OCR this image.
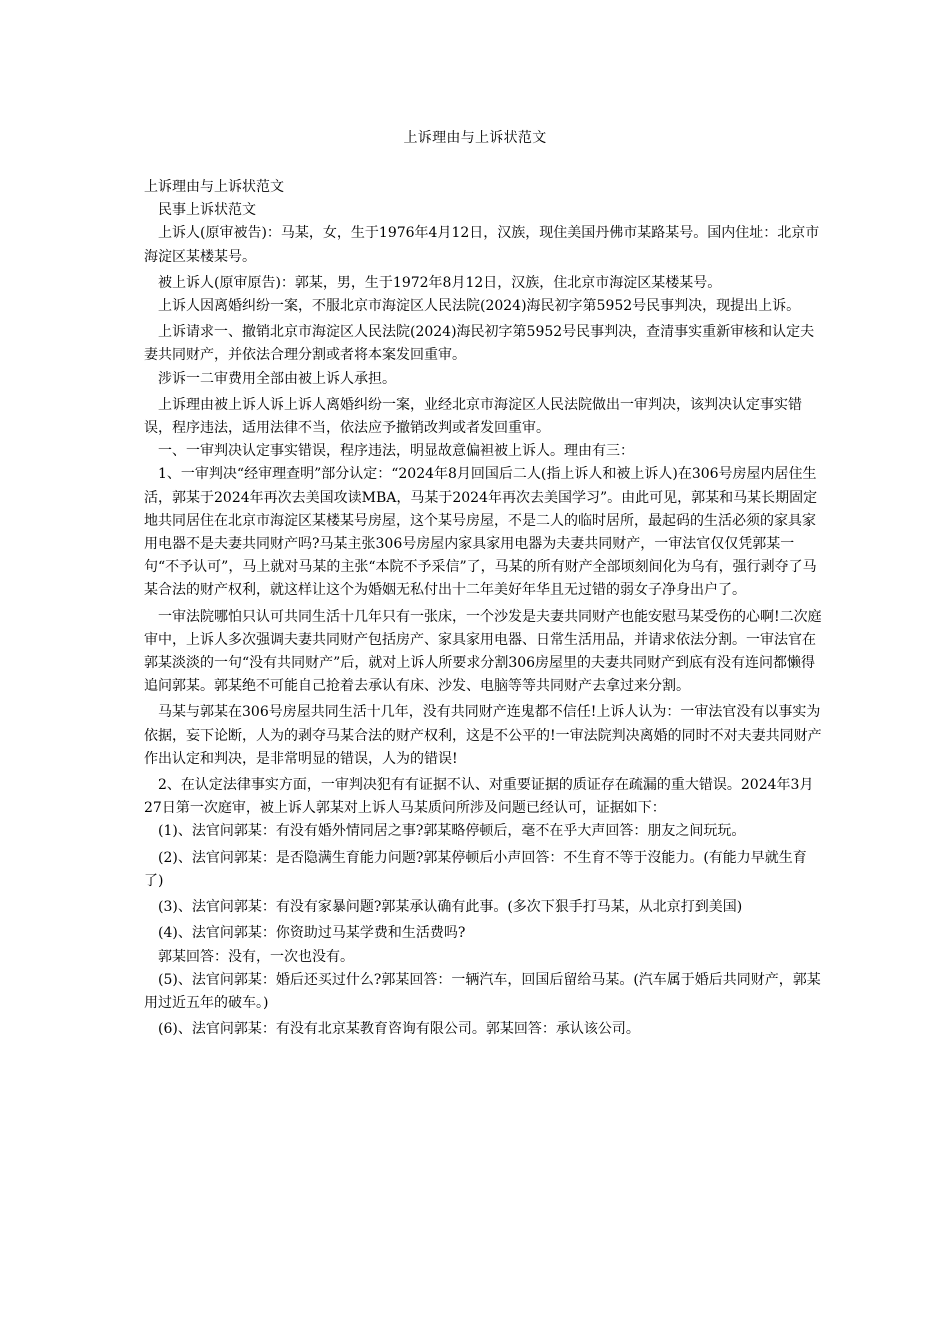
上诉理由与上诉状范文

上诉理由与上诉状范文

　民事上诉状范文

　上诉人(原审被告)：马某，女，生于1976年4月12日，汉族，现住美国丹佛市某路某号。国内住址：北京市海淀区某楼某号。

　被上诉人(原审原告)：郭某，男，生于1972年8月12日，汉族，住北京市海淀区某楼某号。

　上诉人因离婚纠纷一案，不服北京市海淀区人民法院(2024)海民初字第5952号民事判决，现提出上诉。

　上诉请求一、撤销北京市海淀区人民法院(2024)海民初字第5952号民事判决，查清事实重新审核和认定夫妻共同财产，并依法合理分割或者将本案发回重审。

　涉诉一二审费用全部由被上诉人承担。

　上诉理由被上诉人诉上诉人离婚纠纷一案，业经北京市海淀区人民法院做出一审判决，该判决认定事实错误，程序违法，适用法律不当，依法应予撤销改判或者发回重审。

　一、一审判决认定事实错误，程序违法，明显故意偏袒被上诉人。理由有三：

　1、一审判决“经审理查明”部分认定：“2024年8月回国后二人(指上诉人和被上诉人)在306号房屋内居住生活，郭某于2024年再次去美国攻读MBA，马某于2024年再次去美国学习”。由此可见，郭某和马某长期固定地共同居住在北京市海淀区某楼某号房屋，这个某号房屋，不是二人的临时居所，最起码的生活必须的家具家用电器不是夫妻共同财产吗?马某主张306号房屋内家具家用电器为夫妻共同财产，一审法官仅仅凭郭某一句“不予认可”，马上就对马某的主张“本院不予采信”了，马某的所有财产全部顷刻间化为乌有，强行剥夺了马某合法的财产权利，就这样让这个为婚姻无私付出十二年美好年华且无过错的弱女子净身出户了。

　一审法院哪怕只认可共同生活十几年只有一张床，一个沙发是夫妻共同财产也能安慰马某受伤的心啊!二次庭审中，上诉人多次强调夫妻共同财产包括房产、家具家用电器、日常生活用品，并请求依法分割。一审法官在郭某淡淡的一句“没有共同财产”后，就对上诉人所要求分割306房屋里的夫妻共同财产到底有没有连问都懒得追问郭某。郭某绝不可能自己抢着去承认有床、沙发、电脑等等共同财产去拿过来分割。

　马某与郭某在306号房屋共同生活十几年，没有共同财产连鬼都不信任!上诉人认为：一审法官没有以事实为依据，妄下论断，人为的剥夺马某合法的财产权利，这是不公平的!一审法院判决离婚的同时不对夫妻共同财产作出认定和判决，是非常明显的错误，人为的错误!

　2、在认定法律事实方面，一审判决犯有有证据不认、对重要证据的质证存在疏漏的重大错误。2024年3月27日第一次庭审，被上诉人郭某对上诉人马某质问所涉及问题已经认可，证据如下：

　(1)、法官问郭某：有没有婚外情同居之事?郭某略停顿后，毫不在乎大声回答：朋友之间玩玩。

　(2)、法官问郭某：是否隐满生育能力问题?郭某停顿后小声回答：不生育不等于沒能力。(有能力早就生育了)

　(3)、法官问郭某：有没有家暴问题?郭某承认确有此事。(多次下狠手打马某，从北京打到美国)

　(4)、法官问郭某：你资助过马某学费和生活费吗?

　郭某回答：没有，一次也没有。

　(5)、法官问郭某：婚后还买过什么?郭某回答：一辆汽车，回国后留给马某。(汽车属于婚后共同财产，郭某用过近五年的破车。)

　(6)、法官问郭某：有没有北京某教育咨询有限公司。郭某回答：承认该公司。
